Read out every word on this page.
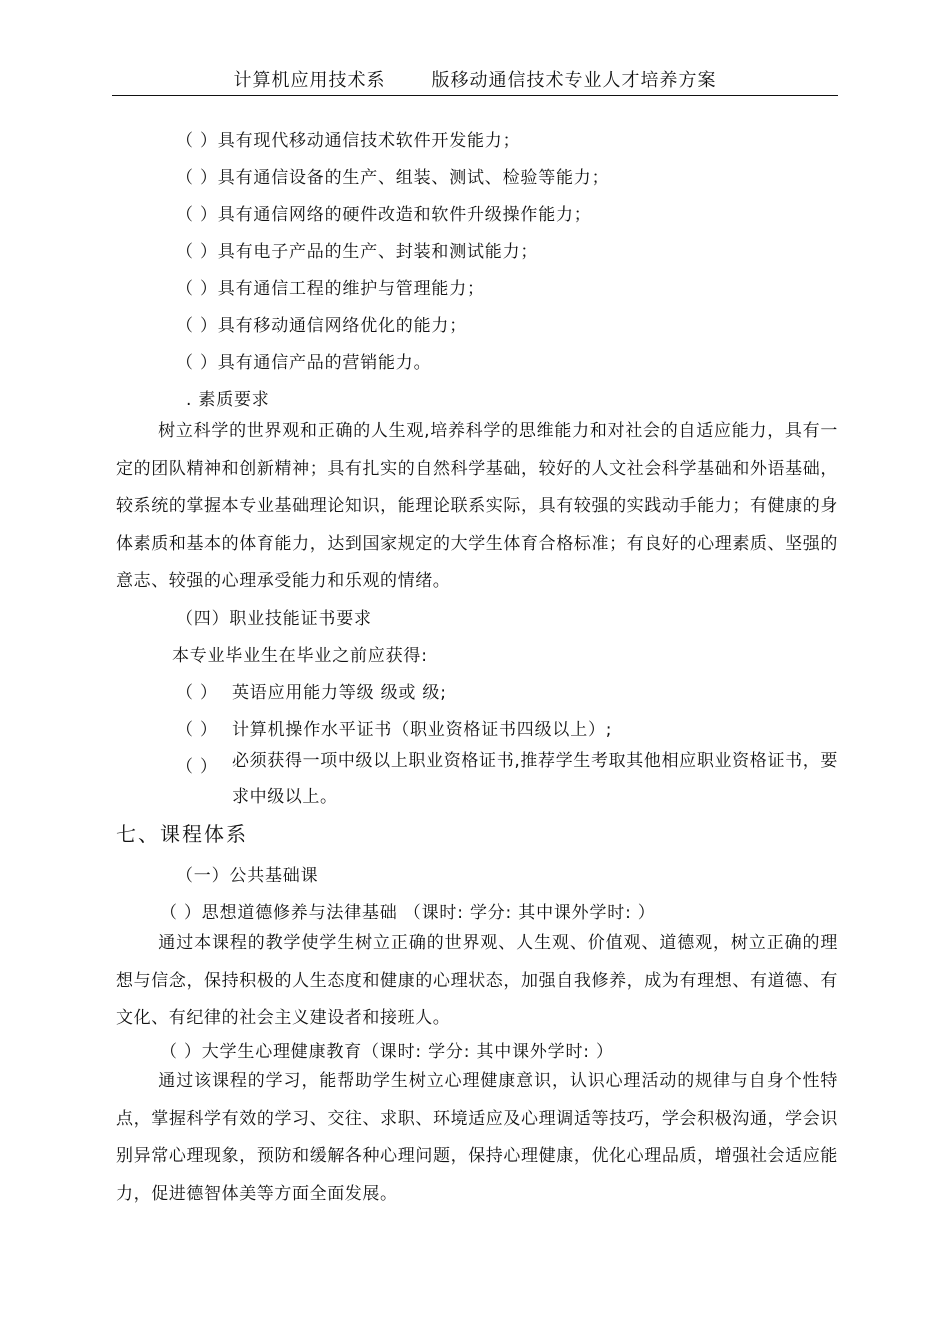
计算机应用技术系	版移动通信技术专业人才培养方案
（ ）具有现代移动通信技术软件开发能力；
（ ）具有通信设备的生产、组装、测试、检验等能力；
（ ）具有通信网络的硬件改造和软件升级操作能力；
（ ）具有电子产品的生产、封装和测试能力；
（ ）具有通信工程的维护与管理能力；
（ ）具有移动通信网络优化的能力；
（ ）具有通信产品的营销能力。
. 素质要求
树立科学的世界观和正确的人生观,培养科学的思维能力和对社会的自适应能力，具有一定的团队精神和创新精神；具有扎实的自然科学基础，较好的人文社会科学基础和外语基础，较系统的掌握本专业基础理论知识，能理论联系实际，具有较强的实践动手能力；有健康的身体素质和基本的体育能力，达到国家规定的大学生体育合格标准；有良好的心理素质、坚强的意志、较强的心理承受能力和乐观的情绪。
（四）职业技能证书要求
本专业毕业生在毕业之前应获得:
（ ） 英语应用能力等级 级或 级;
（ ） 计算机操作水平证书（职业资格证书四级以上）;
（ ） 必须获得一项中级以上职业资格证书,推荐学生考取其他相应职业资格证书，要求中级以上。
七、课程体系
（一）公共基础课
（ ）思想道德修养与法律基础 （课时: 学分: 其中课外学时: ）
通过本课程的教学使学生树立正确的世界观、人生观、价值观、道德观，树立正确的理想与信念，保持积极的人生态度和健康的心理状态，加强自我修养，成为有理想、有道德、有文化、有纪律的社会主义建设者和接班人。
（ ）大学生心理健康教育（课时: 学分: 其中课外学时: ）
通过该课程的学习，能帮助学生树立心理健康意识，认识心理活动的规律与自身个性特点，掌握科学有效的学习、交往、求职、环境适应及心理调适等技巧，学会积极沟通，学会识别异常心理现象，预防和缓解各种心理问题，保持心理健康，优化心理品质，增强社会适应能力，促进德智体美等方面全面发展。
